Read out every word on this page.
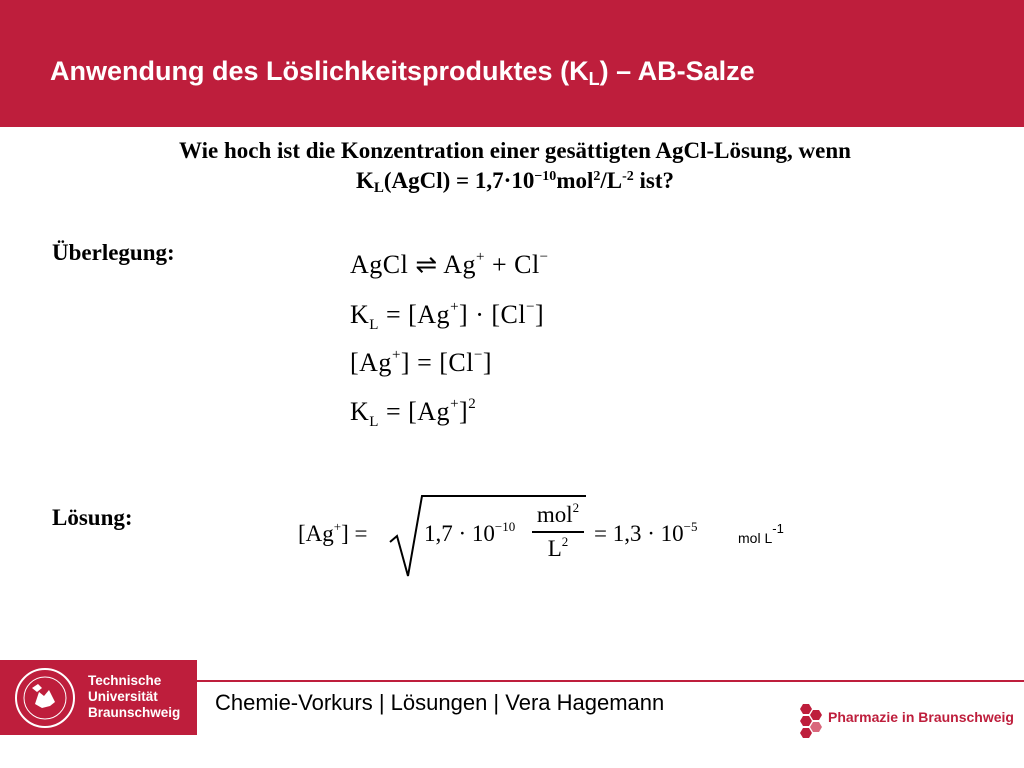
Anwendung des Löslichkeitsproduktes $(K_L)$ – AB-Salze
Wie hoch ist die Konzentration einer gesättigten AgCl-Lösung, wenn
$K_L(AgCl) = 1,7\cdot 10^{-10}mol^2/L^{-2}$ ist?
Überlegung:	AgCl ⇌ Ag+ + Cl−
$K_L = [Ag^+] \cdot [Cl^-]$
[Ag+] = [Cl−]
$K_L = [Ag^+]^2$
Lösung:
$[Ag^+] = 1,7 \cdot 10^{-10}$ mol$^2$
$L^2$	= $1,3 \cdot 10^{-5}$
mol $L^{-1}$
Technische
Universität
Braunschweig Chemie-Vorkurs | Lösungen | Vera Hagemann
Pharmazie in Braunschweig
